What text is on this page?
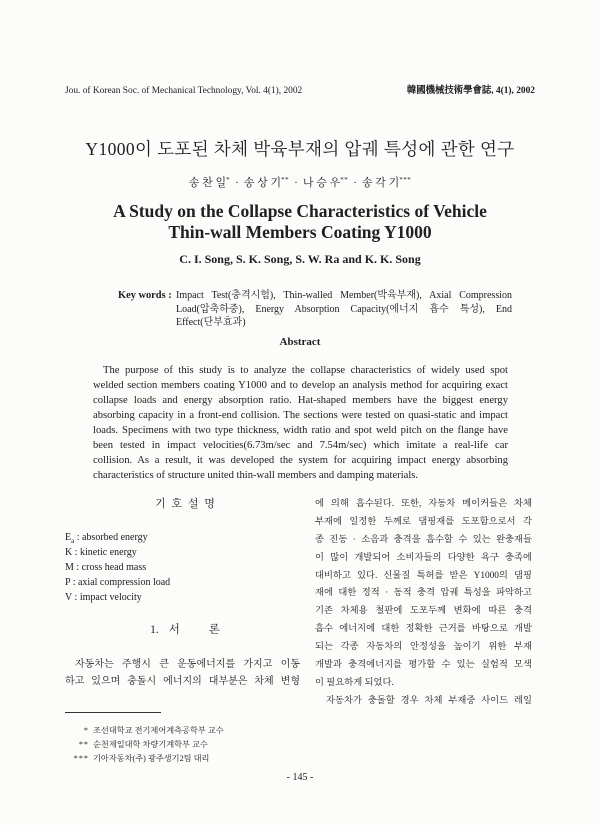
Jou. of Korean Soc. of Mechanical Technology, Vol. 4(1), 2002	韓國機械技術學會誌, 4(1), 2002
Y1000이 도포된 차체 박육부재의 압궤 특성에 관한 연구
송 찬 일* · 송 상 기** · 나 승 우** · 송 각 기***
A Study on the Collapse Characteristics of Vehicle
Thin-wall Members Coating Y1000
C. I. Song, S. K. Song, S. W. Ra and K. K. Song
Key words : Impact Test(충격시험), Thin-walled Member(박육부재), Axial Compression
Load(압축하중), Energy Absorption Capacity(에너지 흡수 특성), End
Effect(단부효과)
Abstract
The purpose of this study is to analyze the collapse characteristics of widely used spot
welded section members coating Y1000 and to develop an analysis method for acquiring exact
collapse loads and energy absorption ratio. Hat-shaped members have the biggest energy
absorbing capacity in a front-end collision. The sections were tested on quasi-static and impact
loads. Specimens with two type thickness, width ratio and spot weld pitch on the flange have
been tested in impact velocities(6.73m/sec and 7.54m/sec) which imitate a real-life car
collision. As a result, it was developed the system for acquiring impact energy absorbing
characteristics of structure united thin-wall members and damping materials.
기 호 설 명
$E_a$ : absorbed energy
K : kinetic energy
M : cross head mass
P : axial compression load
V : impact velocity
1. 서 론
자동차는 주행시 큰 운동에너지를 가지고 이동
하고 있으며 충돌시 에너지의 대부분은 차체 변형
* 조선대학교 전기제어계측공학부 교수
** 순천제일대학 차량기계학부 교수
*** 기아자동차(주) 광주생기2팀 대리
에 의해 흡수된다. 또한, 자동차 메이커들은 차체
부재에 일정한 두께로 댐핑재를 도포함으로서 각
종 진동 · 소음과 충격을 흡수할 수 있는 완충재들
이 많이 개발되어 소비자들의 다양한 욕구 충족에
대비하고 있다. 신물질 특허를 받은 Y1000의 댐핑
재에 대한 정적 · 동적 충격 압궤 특성을 파악하고
기존 차체용 철판에 도포두께 변화에 따른 충격
흡수 에너지에 대한 정확한 근거를 바탕으로 개발
되는 각종 자동차의 안정성을 높이기 위한 부재
개발과 충격에너지를 평가할 수 있는 실험적 모색
이 필요하게 되었다.
자동차가 충돌할 경우 차체 부재중 사이드 레일
- 145 -
